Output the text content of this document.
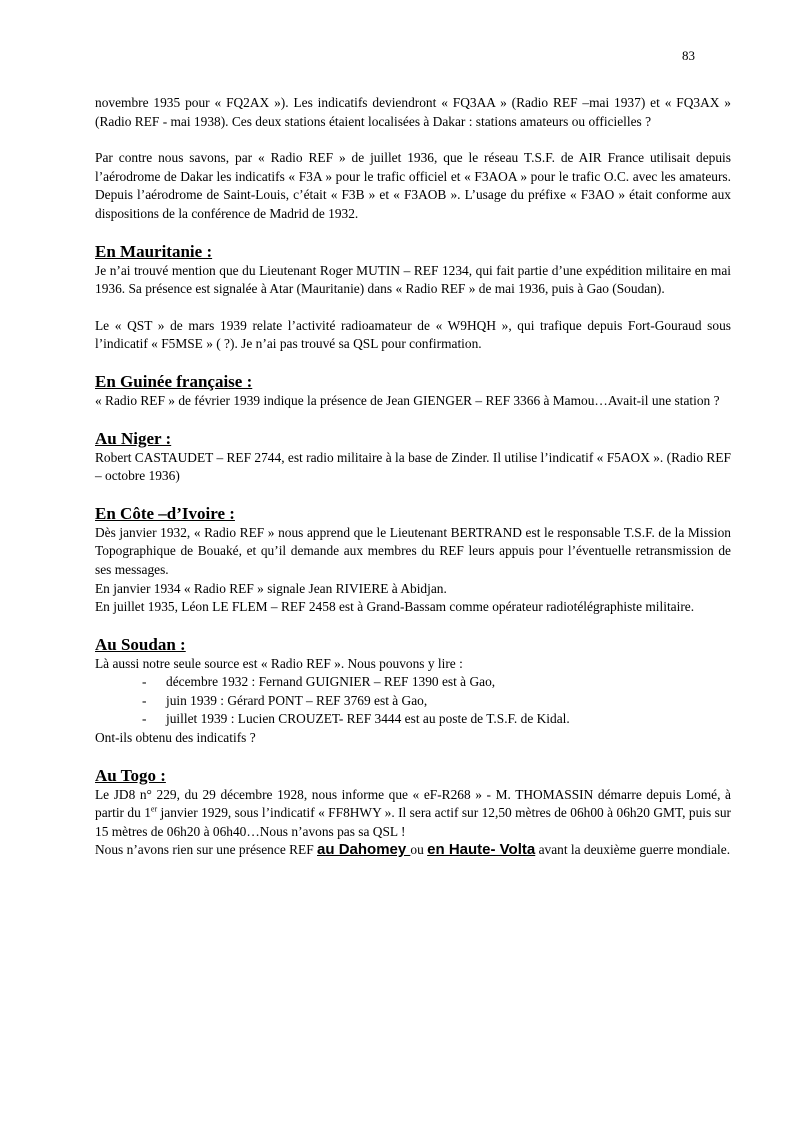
83

novembre 1935 pour « FQ2AX »). Les indicatifs deviendront « FQ3AA » (Radio REF –mai 1937) et « FQ3AX » (Radio REF - mai 1938). Ces deux stations étaient localisées à Dakar : stations amateurs ou officielles ?

Par contre nous savons, par « Radio REF » de juillet 1936, que le réseau T.S.F. de AIR France utilisait depuis l’aérodrome de Dakar les indicatifs « F3A » pour le trafic officiel et « F3AOA » pour le trafic O.C. avec les amateurs. Depuis l’aérodrome de Saint-Louis, c’était « F3B » et « F3AOB ». L’usage du préfixe « F3AO » était conforme aux dispositions de la conférence de Madrid de 1932.

En Mauritanie :

Je n’ai trouvé mention que du Lieutenant Roger MUTIN – REF 1234, qui fait partie d’une expédition militaire en mai 1936. Sa présence est signalée à Atar (Mauritanie) dans « Radio REF » de mai 1936, puis à Gao (Soudan).

Le « QST » de mars 1939 relate l’activité radioamateur de « W9HQH », qui trafique depuis Fort-Gouraud sous l’indicatif « F5MSE » ( ?). Je n’ai pas trouvé sa QSL pour confirmation.

En Guinée française :

« Radio REF » de février 1939 indique la présence de Jean GIENGER – REF 3366 à Mamou…Avait-il une station ?

Au Niger :

Robert CASTAUDET – REF 2744, est radio militaire à la base de Zinder. Il utilise l’indicatif « F5AOX ». (Radio REF – octobre 1936)

En Côte –d’Ivoire :

Dès janvier 1932, « Radio REF » nous apprend que le Lieutenant BERTRAND est le responsable T.S.F. de la Mission Topographique de Bouaké, et qu’il demande aux membres du REF leurs appuis pour l’éventuelle retransmission de ses messages.

En janvier 1934 « Radio REF » signale Jean RIVIERE à Abidjan.

En juillet 1935, Léon LE FLEM – REF 2458 est à Grand-Bassam comme opérateur radiotélégraphiste militaire.

Au Soudan :

Là aussi notre seule source est « Radio REF ». Nous pouvons y lire :

- décembre 1932 : Fernand GUIGNIER – REF 1390 est à Gao,
- juin 1939 : Gérard PONT – REF 3769 est à Gao,
- juillet 1939 : Lucien CROUZET- REF 3444 est au poste de T.S.F. de Kidal.

Ont-ils obtenu des indicatifs ?

Au Togo :

Le JD8 n° 229, du 29 décembre 1928, nous informe que « eF-R268 » - M. THOMASSIN démarre depuis Lomé, à partir du 1er janvier 1929, sous l’indicatif « FF8HWY ». Il sera actif sur 12,50 mètres de 06h00 à 06h20 GMT, puis sur 15 mètres de 06h20 à 06h40…Nous n’avons pas sa QSL !

Nous n’avons rien sur une présence REF au Dahomey ou en Haute- Volta avant la deuxième guerre mondiale.
